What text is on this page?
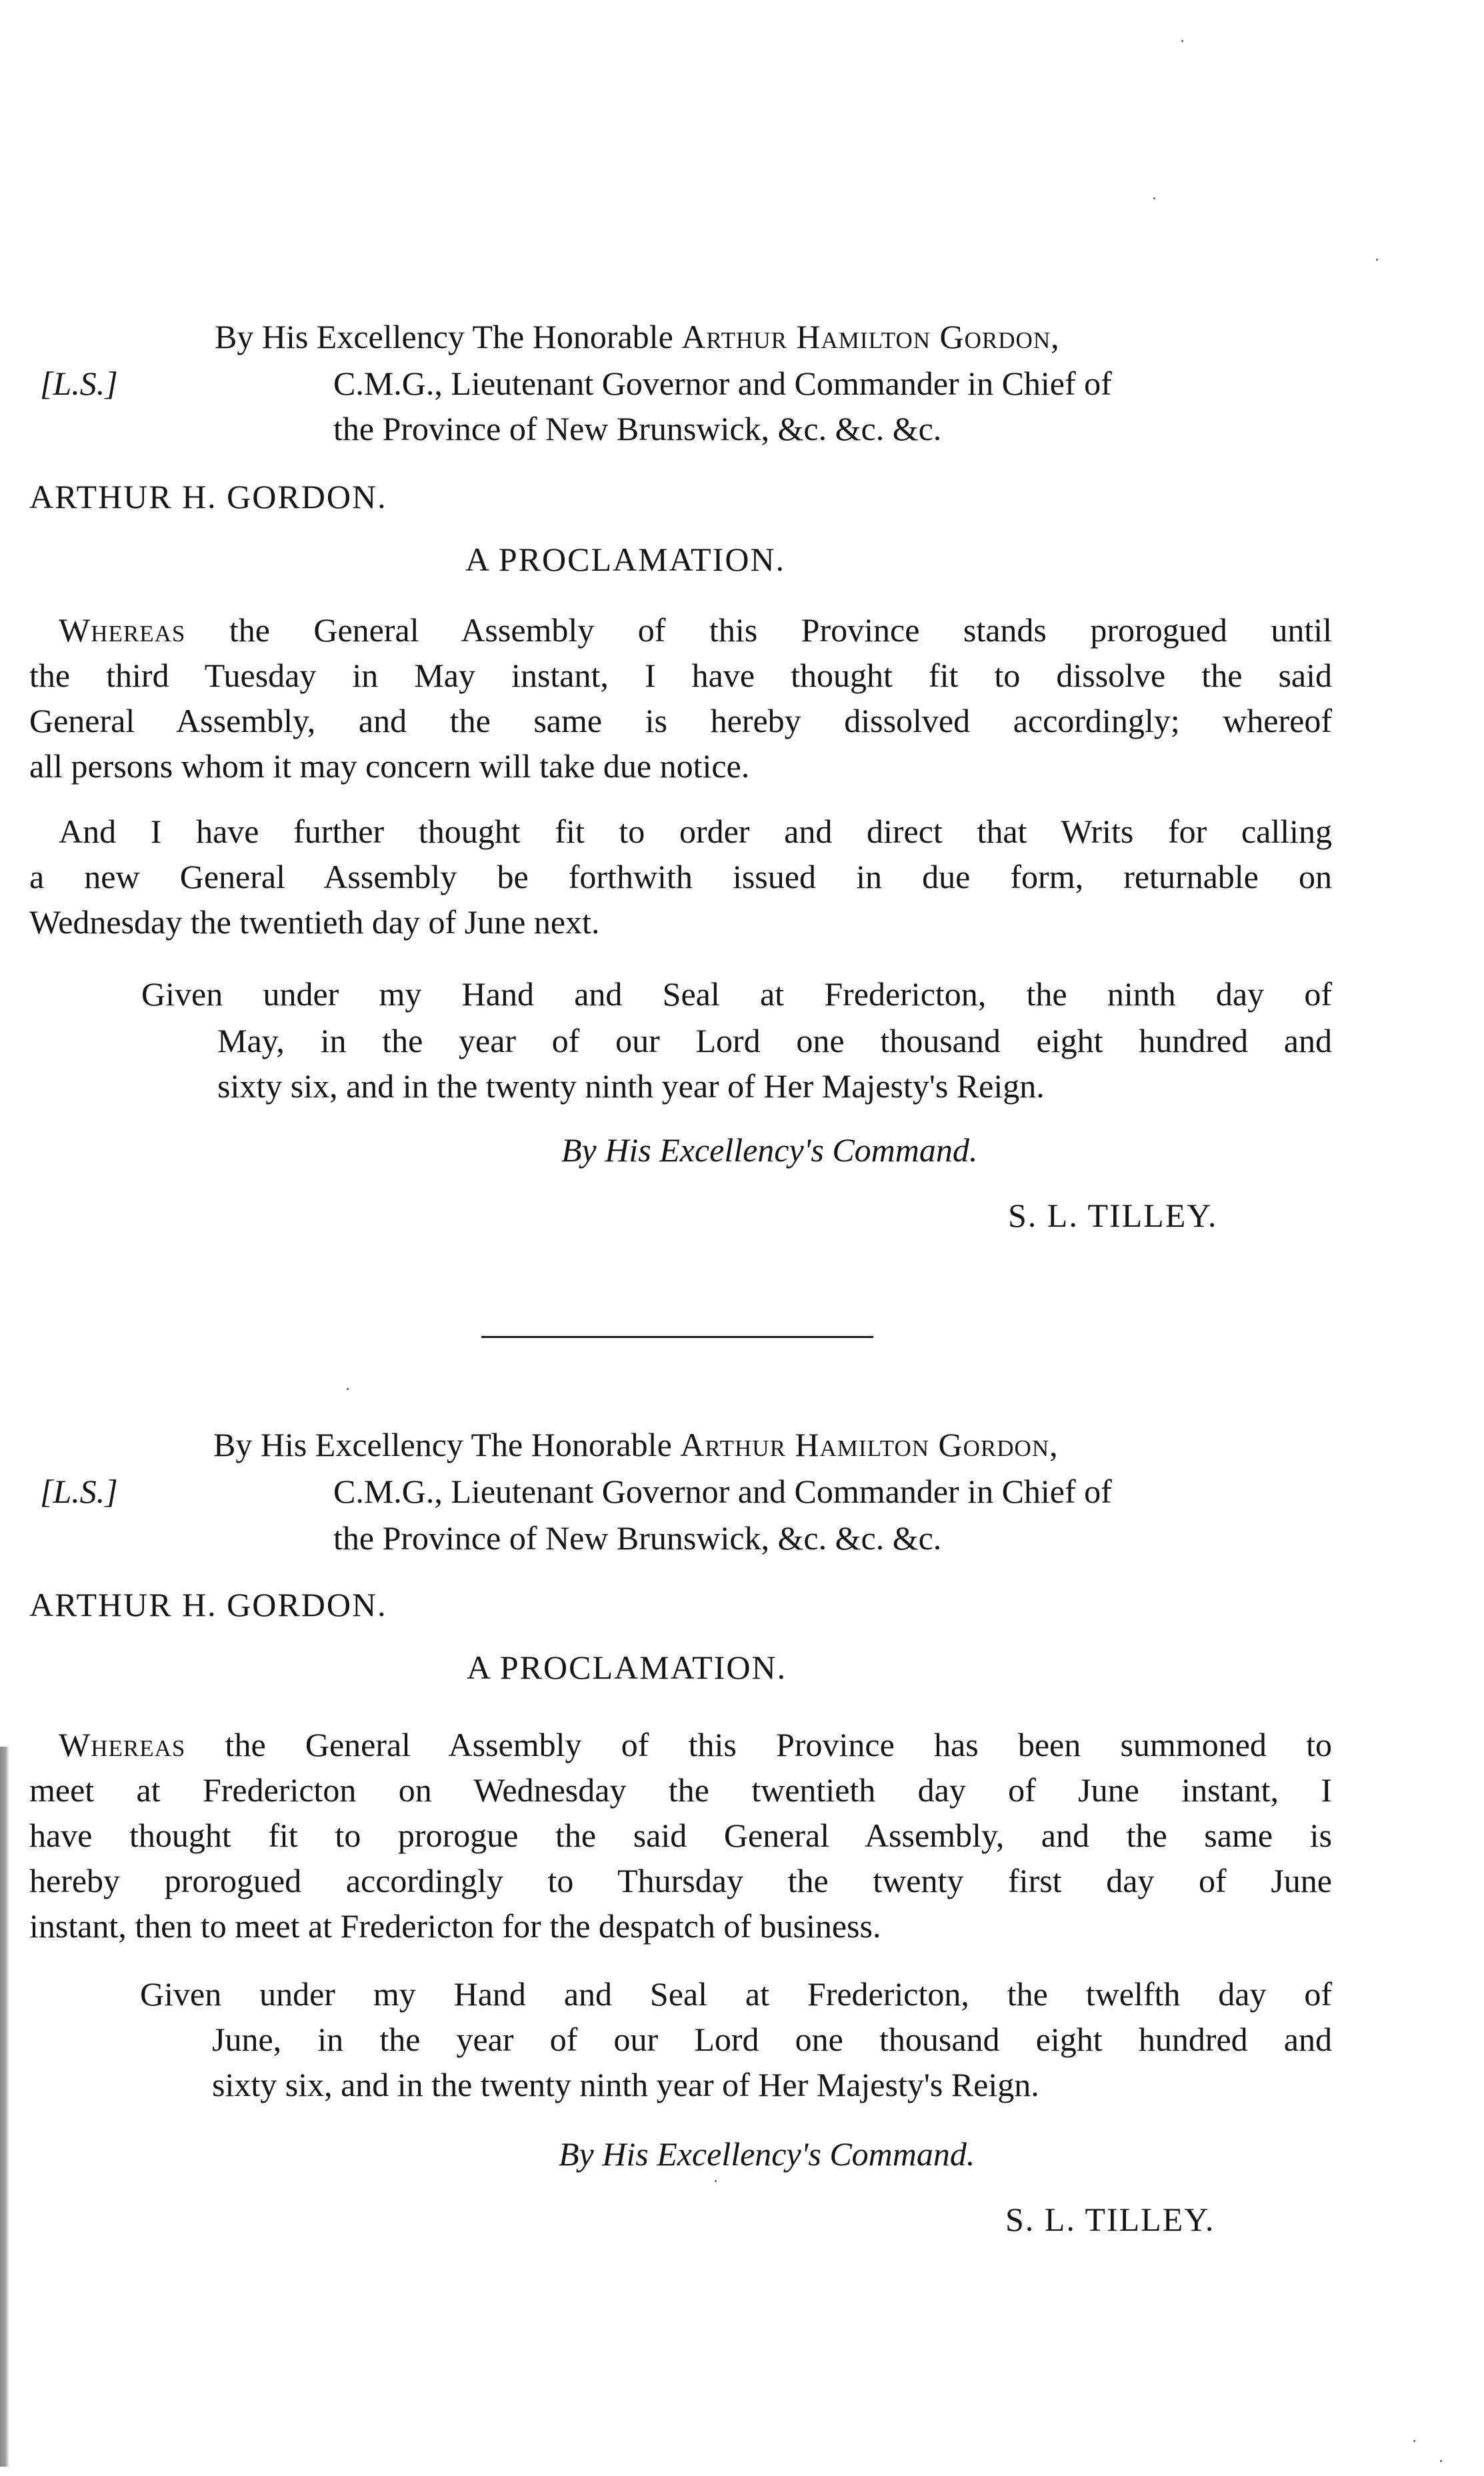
By His Excellency The Honorable Arthur Hamilton Gordon,
[L.S.]	C.M.G., Lieutenant Governor and Commander in Chief of
the Province of New Brunswick, &c. &c. &c.
ARTHUR H. GORDON.
A PROCLAMATION.
Whereas the General Assembly of this Province stands prorogued until
the third Tuesday in May instant, I have thought fit to dissolve the said
General Assembly, and the same is hereby dissolved accordingly; whereof
all persons whom it may concern will take due notice.
And I have further thought fit to order and direct that Writs for calling
a new General Assembly be forthwith issued in due form, returnable on
Wednesday the twentieth day of June next.
Given under my Hand and Seal at Fredericton, the ninth day of
May, in the year of our Lord one thousand eight hundred and
sixty six, and in the twenty ninth year of Her Majesty's Reign.
By His Excellency's Command.
S. L. TILLEY.
By His Excellency The Honorable Arthur Hamilton Gordon,
[L.S.]	C.M.G., Lieutenant Governor and Commander in Chief of
the Province of New Brunswick, &c. &c. &c.
ARTHUR H. GORDON.
A PROCLAMATION.
Whereas the General Assembly of this Province has been summoned to
meet at Fredericton on Wednesday the twentieth day of June instant, I
have thought fit to prorogue the said General Assembly, and the same is
hereby prorogued accordingly to Thursday the twenty first day of June
instant, then to meet at Fredericton for the despatch of business.
Given under my Hand and Seal at Fredericton, the twelfth day of
June, in the year of our Lord one thousand eight hundred and
sixty six, and in the twenty ninth year of Her Majesty's Reign.
By His Excellency's Command.
S. L. TILLEY.
